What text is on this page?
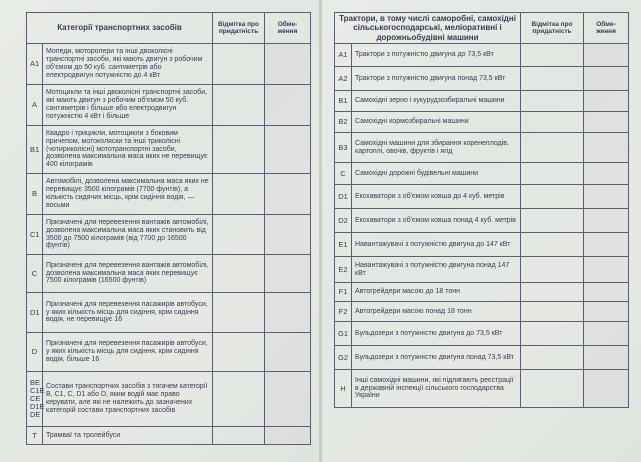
Категорії транспортних засобів		Відмітка про придатність	Обме-ження
A1	Мопеди, моторолери та інші двоколісні транспортні засоби, які мають двигун з робочим об'ємом до 50 куб. сантиметрів або електродвигун потужністю до 4 кВт		
A	Мотоцикли та інші двоколісні транспортні засоби, які мають двигун з робочим об'ємом 50 куб. сантиметрів і більше або електродвигун потужністю 4 кВт і більше		
B1	Квадро і трицикли, мотоцикли з боковим причепом, мотоколяски та інші триколісні (чотириколісні) мототранспортні засоби, дозволена максимальна маса яких не перевищує 400 кілограмів		
B	Автомобілі, дозволена максимальна маса яких не перевищує 3500 кілограмів (7700 фунтів), а кількість сидячих місць, крім сидіння водія, — восьми		
C1	Призначені для перевезення вантажів автомобілі, дозволена максимальна маса яких становить від 3500 до 7500 кілограмів (від 7700 до 16500 фунтів)		
C	Призначені для перевезення вантажів автомобілі, дозволена максимальна маса яких перевищує 7500 кілограмів (16500 фунтів)		
D1	Призначені для перевезення пасажирів автобуси, у яких кількість місць для сидіння, крім сидіння водія, не перевищує 16		
D	Призначені для перевезення пасажирів автобуси, у яких кількість місць для сидіння, крім сидіння водія, більше 16		
BE C1E CE D1E DE	Состави транспортних засобів з тягачем категорії B, C1, C, D1 або D, яким водій має право керувати, але які не належить до зазначених категорій состави транспортних засобів		
T	Трамваї та тролейбуси		
Трактори, в тому числі саморобні, самохідні сільськогосподарські, меліоративні і дорожньобудівні машини		Відмітка про придатність	Обме-ження
A1	Трактори з потужністю двигуна до 73,5 кВт		
A2	Трактори з потужністю двигуна понад 73,5 кВт		
B1	Самохідні зерно і кукурудзозбиральні машини		
B2	Самохідні кормозбиральні машини		
B3	Самохідні машини для збирання коренеплодів, картоплі, овочів, фруктів і ягід		
C	Самохідні дорожні будівельні машини		
D1	Екскаватори з об'ємом ковша до 4 куб. метрів		
D2	Екскаватори з об'ємом ковша понад 4 куб. метрів		
E1	Навантажувачі з потужністю двигуна до 147 кВт		
E2	Навантажувачі з потужністю двигуна понад 147 кВт		
F1	Автогрейдери масою до 18 тонн		
F2	Автогрейдери масою понад 18 тонн		
G1	Бульдозери з потужністю двигуна до 73,5 кВт		
G2	Бульдозери з потужністю двигуна понад 73,5 кВт		
H	Інші самохідні машини, які підлягають реєстрації в державній інспекції сільського господарства України		
